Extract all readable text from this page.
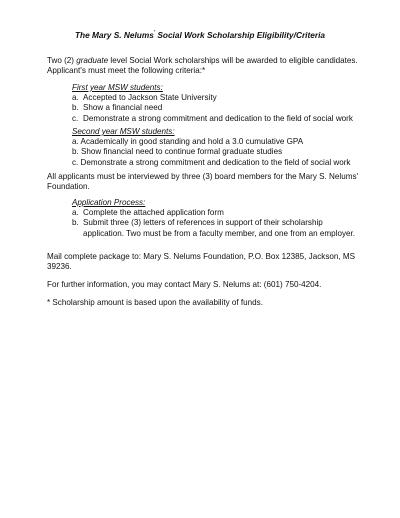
The Mary S. Nelums' Social Work Scholarship Eligibility/Criteria

Two (2) graduate level Social Work scholarships will be awarded to eligible candidates.

Applicant's must meet the following criteria:*

First year MSW students:

a. Accepted to Jackson State University
b. Show a financial need
c. Demonstrate a strong commitment and dedication to the field of social work

Second year MSW students:

a. Academically in good standing and hold a 3.0 cumulative GPA
b. Show financial need to continue formal graduate studies
c. Demonstrate a strong commitment and dedication to the field of social work

All applicants must be interviewed by three (3) board members for the Mary S. Nelums'

Foundation.

Application Process:

a. Complete the attached application form
b. Submit three (3) letters of references in support of their scholarship application. Two must be from a faculty member, and one from an employer.

Mail complete package to: Mary S. Nelums Foundation, P.O. Box 12385, Jackson, MS

39236.

For further information, you may contact Mary S. Nelums at: (601) 750-4204.

* Scholarship amount is based upon the availability of funds.
